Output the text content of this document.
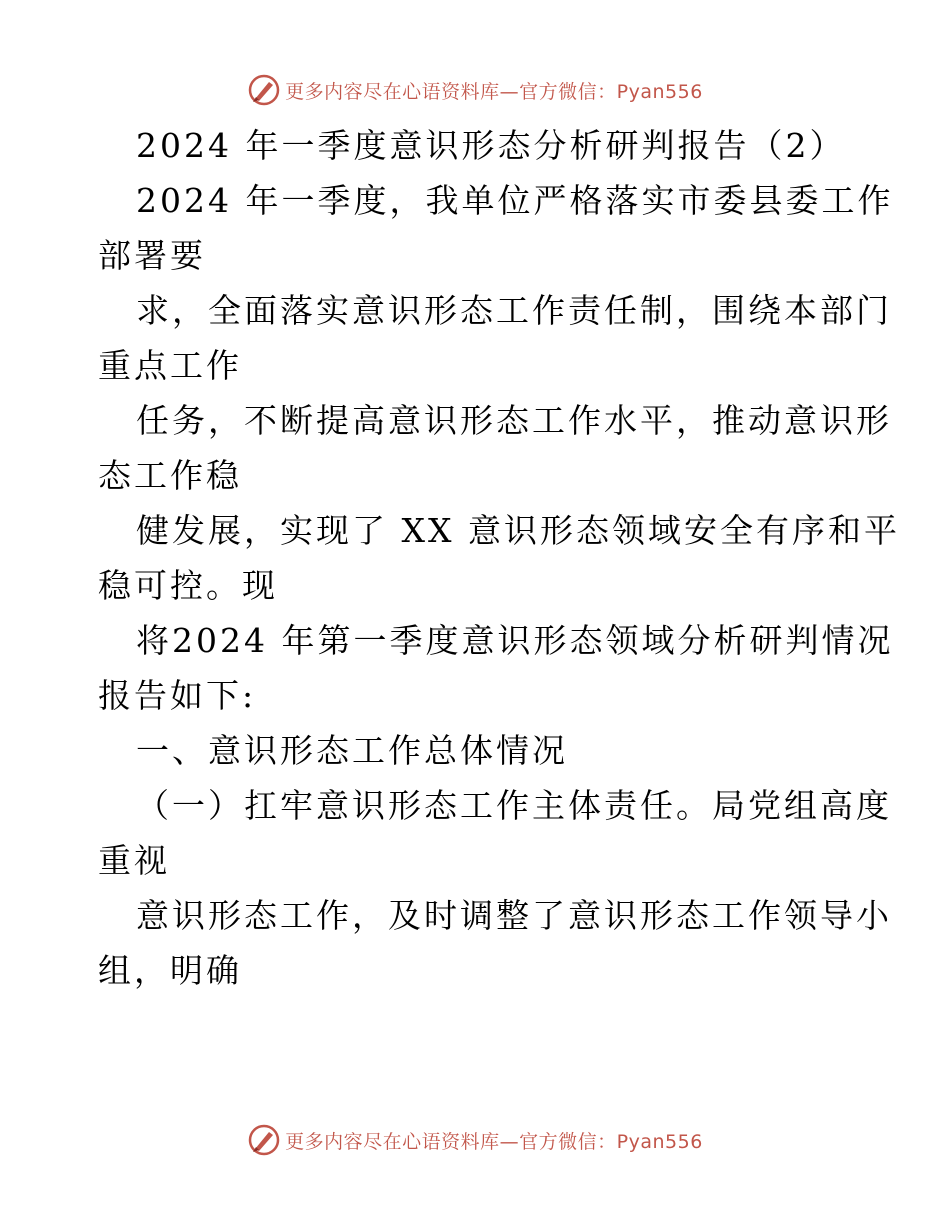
更多内容尽在心语资料库—官方微信：Pyan556
2024 年一季度意识形态分析研判报告（2）
2024 年一季度，我单位严格落实市委县委工作
部署要
求，全面落实意识形态工作责任制，围绕本部门
重点工作
任务，不断提高意识形态工作水平，推动意识形
态工作稳
健发展，实现了 XX 意识形态领域安全有序和平
稳可控。现
将2024 年第一季度意识形态领域分析研判情况
报告如下:
一、意识形态工作总体情况
（一）扛牢意识形态工作主体责任。局党组高度
重视
意识形态工作，及时调整了意识形态工作领导小
组，明确
更多内容尽在心语资料库—官方微信：Pyan556
